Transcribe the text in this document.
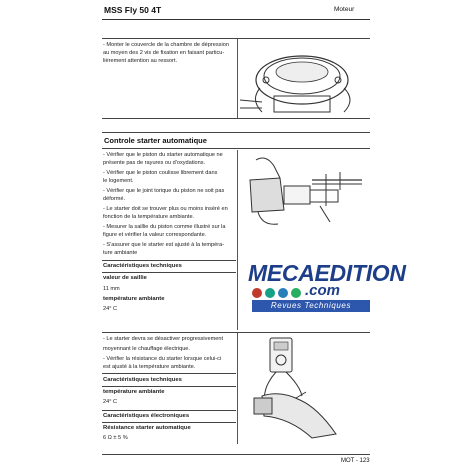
MSS Fly 50 4T	Moteur
- Monter le couvercle de la chambre de dépression
au moyen des 2 vis de fixation en faisant particu-
lièrement attention au ressort.
Controle starter automatique
- Vérifier que le piston du starter automatique ne
présente pas de rayures ou d'oxydations.
- Vérifier que le piston coulisse librement dans
le logement.
- Vérifier que le joint torique du piston ne soit pas
déformé.
- Le starter doit se trouver plus ou moins inséré en
fonction de la température ambiante.
- Mesurer la saillie du piston comme illustré sur la
figure et vérifier la valeur correspondante.
- S'assurer que le starter est ajusté à la tempéra-
ture ambiante
Caractéristiques techniques
valeur de saillie
11 mm
température ambiante
24° C
MECAEDITION
.com
Revues Techniques
- Le starter devra se désactiver progressivement
moyennant le chauffage électrique.
- Vérifier la résistance du starter lorsque celui-ci
est ajusté à la température ambiante.
Caractéristiques techniques
température ambiante
24° C
Caractéristiques électroniques
Résistance starter automatique
6 Ω ± 5 %
MOT - 123
